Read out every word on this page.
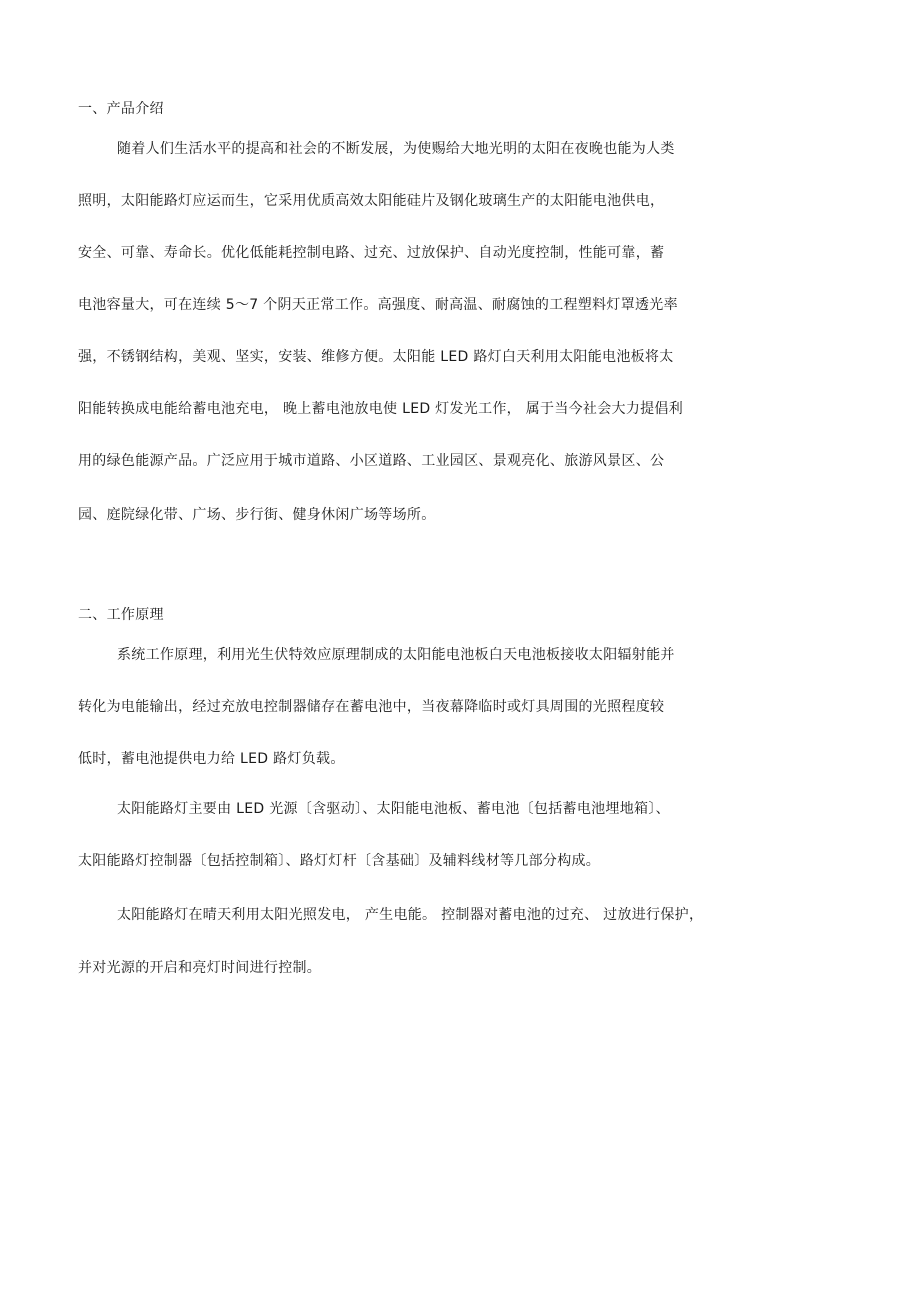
一、产品介绍
随着人们生活水平的提高和社会的不断发展，为使赐给大地光明的太阳在夜晚也能为人类
照明，太阳能路灯应运而生，它采用优质高效太阳能硅片及钢化玻璃生产的太阳能电池供电，
安全、可靠、寿命长。优化低能耗控制电路、过充、过放保护、自动光度控制，性能可靠，蓄
电池容量大，可在连续 5～7 个阴天正常工作。高强度、耐高温、耐腐蚀的工程塑料灯罩透光率
强，不锈钢结构，美观、坚实，安装、维修方便。太阳能 LED 路灯白天利用太阳能电池板将太
阳能转换成电能给蓄电池充电， 晚上蓄电池放电使 LED 灯发光工作， 属于当今社会大力提倡利
用的绿色能源产品。广泛应用于城市道路、小区道路、工业园区、景观亮化、旅游风景区、公
园、庭院绿化带、广场、步行街、健身休闲广场等场所。
二、工作原理
系统工作原理，利用光生伏特效应原理制成的太阳能电池板白天电池板接收太阳辐射能并
转化为电能输出，经过充放电控制器储存在蓄电池中，当夜幕降临时或灯具周围的光照程度较
低时，蓄电池提供电力给 LED 路灯负载。
太阳能路灯主要由 LED 光源〔含驱动〕、太阳能电池板、蓄电池〔包括蓄电池埋地箱〕、
太阳能路灯控制器〔包括控制箱〕、路灯灯杆〔含基础〕及辅料线材等几部分构成。
太阳能路灯在晴天利用太阳光照发电， 产生电能。 控制器对蓄电池的过充、 过放进行保护，
并对光源的开启和亮灯时间进行控制。
